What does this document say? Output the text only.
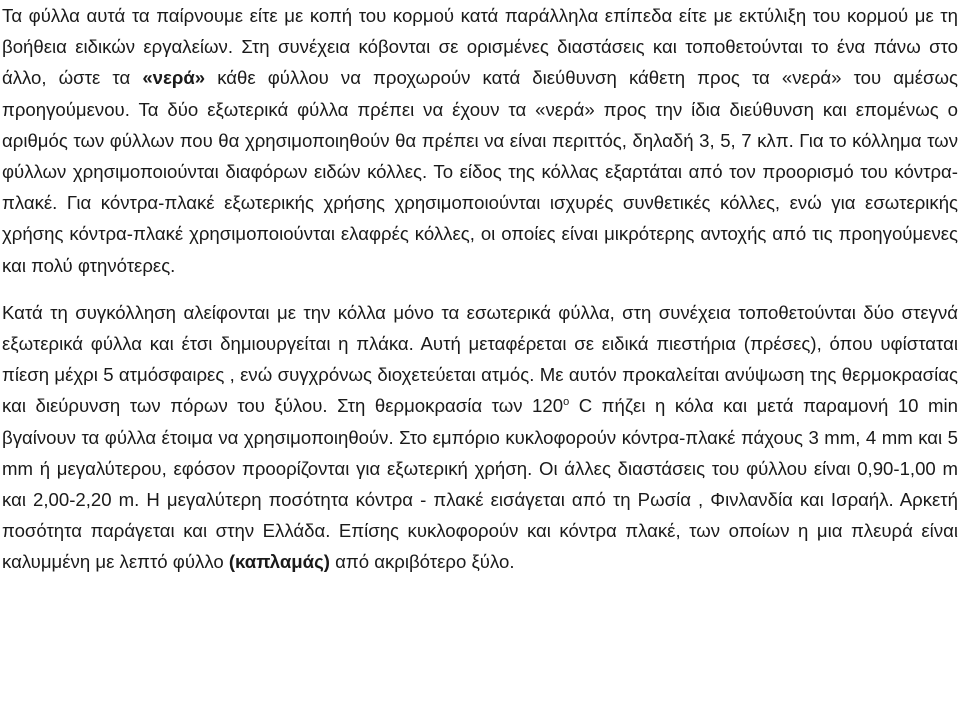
Τα φύλλα αυτά τα παίρνουμε είτε με κοπή του κορμού κατά παράλληλα επίπεδα είτε με εκτύλιξη του κορμού με τη βοήθεια ειδικών εργαλείων. Στη συνέχεια κόβονται σε ορισμένες διαστάσεις και τοποθετούνται το ένα πάνω στο άλλο, ώστε τα «νερά» κάθε φύλλου να προχωρούν κατά διεύθυνση κάθετη προς τα «νερά» του αμέσως προηγούμενου. Τα δύο εξωτερικά φύλλα πρέπει να έχουν τα «νερά» προς την ίδια διεύθυνση και επομένως ο αριθμός των φύλλων που θα χρησιμοποιηθούν θα πρέπει να είναι περιττός, δηλαδή 3, 5, 7 κλπ. Για το κόλλημα των φύλλων χρησιμοποιούνται διαφόρων ειδών κόλλες. Το είδος της κόλλας εξαρτάται από τον προορισμό του κόντρα-πλακέ. Για κόντρα-πλακέ εξωτερικής χρήσης χρησιμοποιούνται ισχυρές συνθετικές κόλλες, ενώ για εσωτερικής χρήσης κόντρα-πλακέ χρησιμοποιούνται ελαφρές κόλλες, οι οποίες είναι μικρότερης αντοχής από τις προηγούμενες και πολύ φτηνότερες.

Κατά τη συγκόλληση αλείφονται με την κόλλα μόνο τα εσωτερικά φύλλα, στη συνέχεια τοποθετούνται δύο στεγνά εξωτερικά φύλλα και έτσι δημιουργείται η πλάκα. Αυτή μεταφέρεται σε ειδικά πιεστήρια (πρέσες), όπου υφίσταται πίεση μέχρι 5 ατμόσφαιρες , ενώ συγχρόνως διοχετεύεται ατμός. Με αυτόν προκαλείται ανύψωση της θερμοκρασίας και διεύρυνση των πόρων του ξύλου. Στη θερμοκρασία των $120^o$ C πήζει η κόλα και μετά παραμονή 10 min βγαίνουν τα φύλλα έτοιμα να χρησιμοποιηθούν. Στο εμπόριο κυκλοφορούν κόντρα-πλακέ πάχους 3 mm, 4 mm και 5 mm ή μεγαλύτερου, εφόσον προορίζονται για εξωτερική χρήση. Οι άλλες διαστάσεις του φύλλου είναι 0,90-1,00 m και 2,00-2,20 m. Η μεγαλύτερη ποσότητα κόντρα - πλακέ εισάγεται από τη Ρωσία , Φινλανδία και Ισραήλ. Αρκετή ποσότητα παράγεται και στην Ελλάδα. Επίσης κυκλοφορούν και κόντρα πλακέ, των οποίων η μια πλευρά είναι καλυμμένη με λεπτό φύλλο (καπλαμάς) από ακριβότερο ξύλο.
